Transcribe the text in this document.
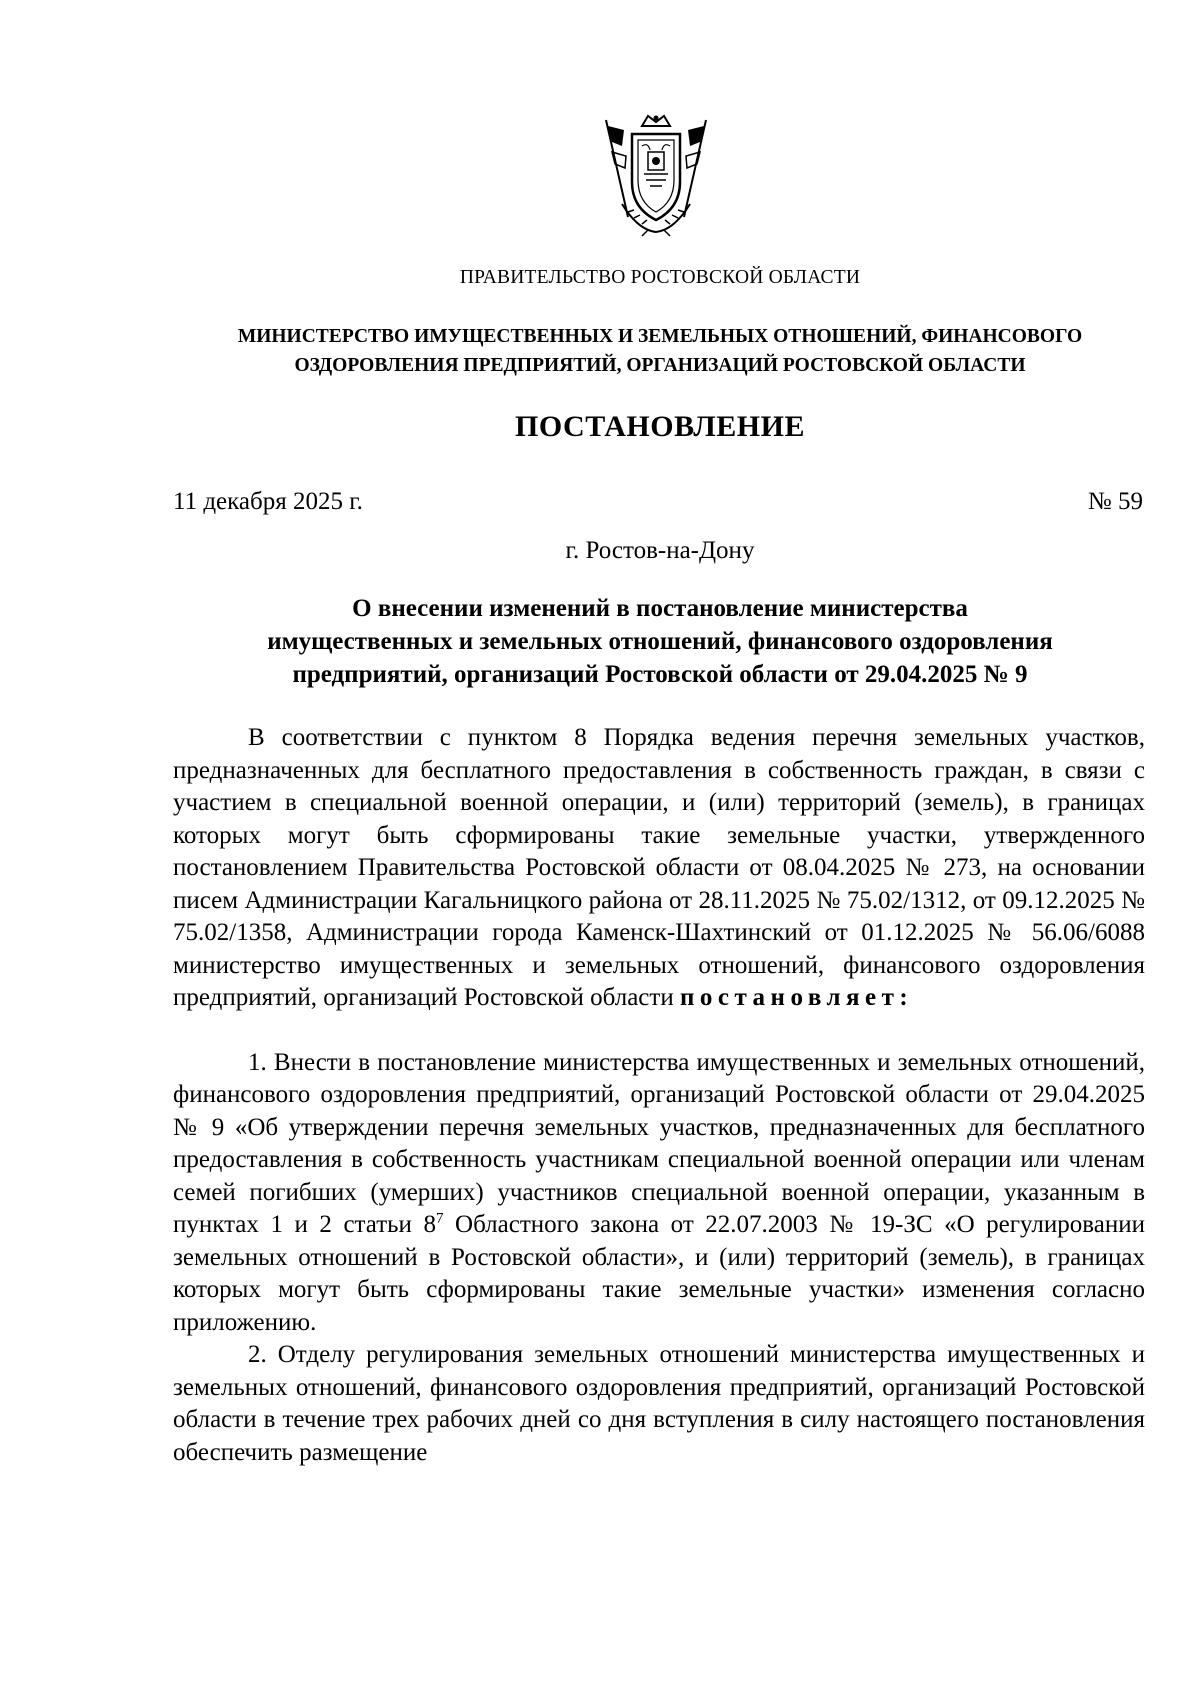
ПРАВИТЕЛЬСТВО РОСТОВСКОЙ ОБЛАСТИ
МИНИСТЕРСТВО ИМУЩЕСТВЕННЫХ И ЗЕМЕЛЬНЫХ ОТНОШЕНИЙ, ФИНАНСОВОГО
ОЗДОРОВЛЕНИЯ ПРЕДПРИЯТИЙ, ОРГАНИЗАЦИЙ РОСТОВСКОЙ ОБЛАСТИ
ПОСТАНОВЛЕНИЕ
11 декабря 2025 г.	№ 59
г. Ростов-на-Дону
О внесении изменений в постановление министерства
имущественных и земельных отношений, финансового оздоровления
предприятий, организаций Ростовской области от 29.04.2025 № 9

В соответствии с пунктом 8 Порядка ведения перечня земельных участков, предназначенных для бесплатного предоставления в собственность граждан, в связи с участием в специальной военной операции, и (или) территорий (земель), в границах которых могут быть сформированы такие земельные участки, утвержденного постановлением Правительства Ростовской области от 08.04.2025 № 273, на основании писем Администрации Кагальницкого района от 28.11.2025 № 75.02/1312, от 09.12.2025 № 75.02/1358, Администрации города Каменск-Шахтинский от 01.12.2025 № 56.06/6088 министерство имущественных и земельных отношений, финансового оздоровления предприятий, организаций Ростовской области постановляет:

1. Внести в постановление министерства имущественных и земельных отношений, финансового оздоровления предприятий, организаций Ростовской области от 29.04.2025 № 9 «Об утверждении перечня земельных участков, предназначенных для бесплатного предоставления в собственность участникам специальной военной операции или членам семей погибших (умерших) участников специальной военной операции, указанным в пунктах 1 и 2 статьи $8^7$ Областного закона от 22.07.2003 № 19-ЗС «О регулировании земельных отношений в Ростовской области», и (или) территорий (земель), в границах которых могут быть сформированы такие земельные участки» изменения согласно приложению.

2. Отделу регулирования земельных отношений министерства имущественных и земельных отношений, финансового оздоровления предприятий, организаций Ростовской области в течение трех рабочих дней со дня вступления в силу настоящего постановления обеспечить размещение
